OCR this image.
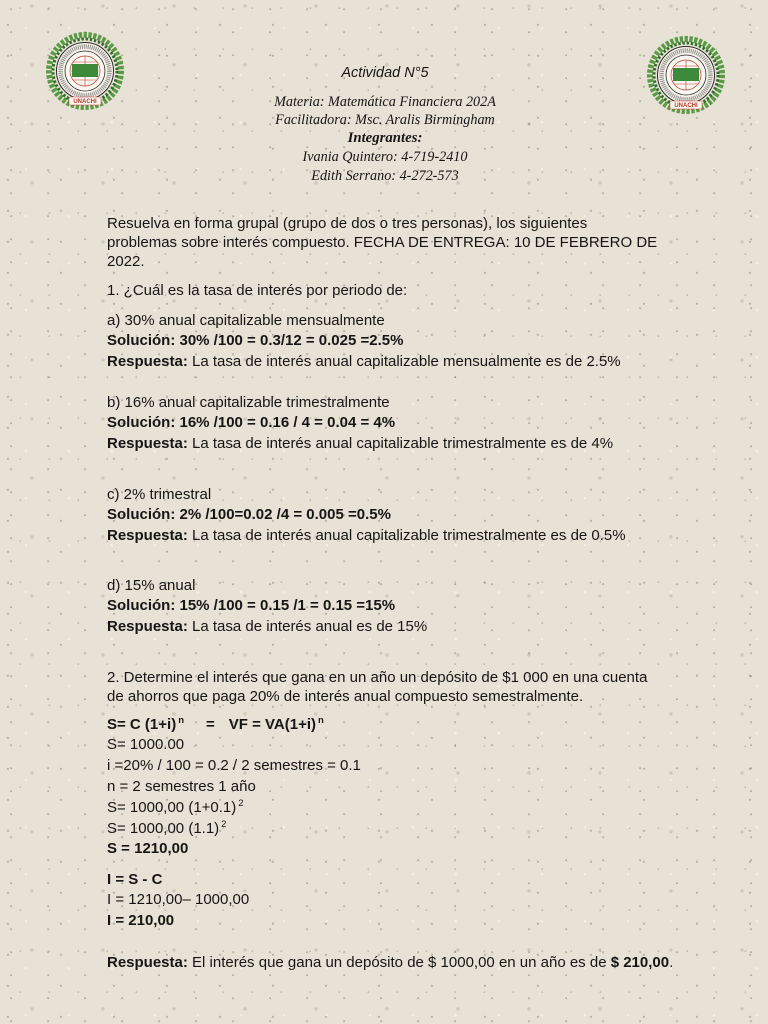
UNACHI
UNACHI
Actividad N°5
Materia: Matemática Financiera 202A
Facilitadora: Msc. Aralis Birmingham
Integrantes:
Ivania Quintero: 4-719-2410
Edith Serrano: 4-272-573
Resuelva en forma grupal (grupo de dos o tres personas), los siguientes
problemas sobre interés compuesto. FECHA DE ENTREGA: 10 DE FEBRERO DE
2022.
1. ¿Cuál es la tasa de interés por periodo de:
a) 30% anual capitalizable mensualmente
Solución: 30% /100 = 0.3/12 = 0.025 =2.5%
Respuesta: La tasa de interés anual capitalizable mensualmente es de 2.5%
b) 16% anual capitalizable trimestralmente
Solución: 16% /100 = 0.16 / 4 = 0.04 = 4%
Respuesta: La tasa de interés anual capitalizable trimestralmente es de 4%
c) 2% trimestral
Solución: 2% /100=0.02 /4 = 0.005 =0.5%
Respuesta: La tasa de interés anual capitalizable trimestralmente es de 0.5%
d) 15% anual
Solución: 15% /100 = 0.15 /1 = 0.15 =15%
Respuesta: La tasa de interés anual es de 15%
2. Determine el interés que gana en un año un depósito de $1 000 en una cuenta
de ahorros que paga 20% de interés anual compuesto semestralmente.
S= C (1+i) $^n$ = VF = VA(1+i) $^n$
S= 1000.00
i =20% / 100 = 0.2 / 2 semestres = 0.1
n = 2 semestres 1 año
S= 1000,00 (1+0.1) $^2$
S= 1000,00 (1.1) $^2$
S = 1210,00
I = S - C
I = 1210,00– 1000,00
I = 210,00
Respuesta: El interés que gana un depósito de $ 1000,00 en un año es de $ 210,00.
